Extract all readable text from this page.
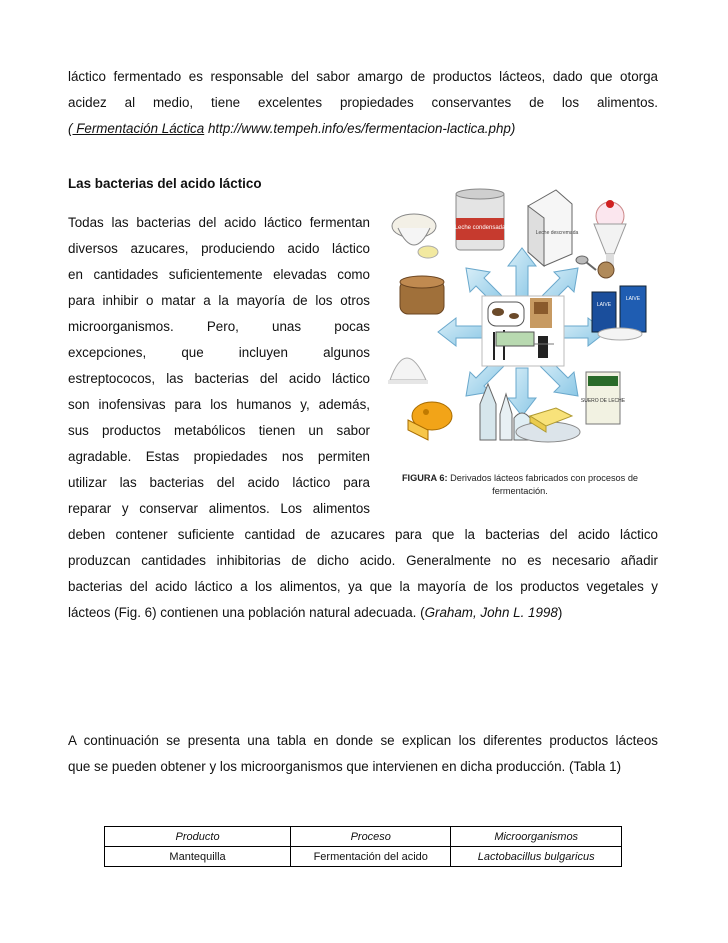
láctico fermentado es responsable del sabor amargo de productos lácteos, dado que otorga
acidez al medio, tiene excelentes propiedades conservantes de los alimentos.
( Fermentación Láctica http://www.tempeh.info/es/fermentacion-lactica.php)
Las bacterias del acido láctico
Todas las bacterias del acido láctico fermentan
diversos azucares, produciendo acido láctico
en cantidades suficientemente elevadas como
para inhibir o matar a la mayoría de los otros
microorganismos. Pero, unas pocas
excepciones, que incluyen algunos
estreptococos, las bacterias del acido láctico
son inofensivas para los humanos y, además,
sus productos metabólicos tienen un sabor
agradable. Estas propiedades nos permiten
utilizar las bacterias del acido láctico para
reparar y conservar alimentos. Los alimentos
deben contener suficiente cantidad de azucares para que la bacterias del acido láctico
produzcan cantidades inhibitorias de dicho acido. Generalmente no es necesario añadir
bacterias del acido láctico a los alimentos, ya que la mayoría de los productos vegetales y
lácteos (Fig. 6) contienen una población natural adecuada. (Graham, John L. 1998)
Leche condensada
Leche descremada
LAIVE
LAIVE
SUERO DE LECHE
FIGURA 6: Derivados lácteos fabricados con procesos de fermentación.
A continuación se presenta una tabla en donde se explican los diferentes productos lácteos
que se pueden obtener y los microorganismos que intervienen en dicha producción. (Tabla 1)
Producto	Proceso	Microorganismos
Mantequilla	Fermentación del acido	Lactobacillus bulgaricus
